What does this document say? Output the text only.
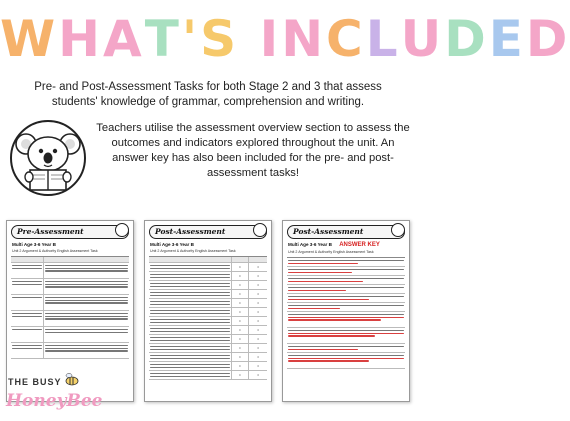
WHAT'S INCLUDED
Pre- and Post-Assessment Tasks for both Stage 2 and 3 that assess students' knowledge of grammar, comprehension and writing.
Teachers utilise the assessment overview section to assess the outcomes and indicators explored throughout the unit. An answer key has also been included for the pre- and post-assessment tasks!
Pre-Assessment
Multi Age 3-6 Year B
Unit 2 Argument & Authority English Assessment Task
Post-Assessment
Multi Age 3-6 Year B
Unit 2 Argument & Authority English Assessment Task
•	•
•	•
•	•
•	•
•	•
•	•
•	•
•	•
•	•
•	•
•	•
•	•
•	•
Post-Assessment
Multi Age 3-6 Year B ANSWER KEY
Unit 2 Argument & Authority English Assessment Task
THE BUSY
HoneyBee
